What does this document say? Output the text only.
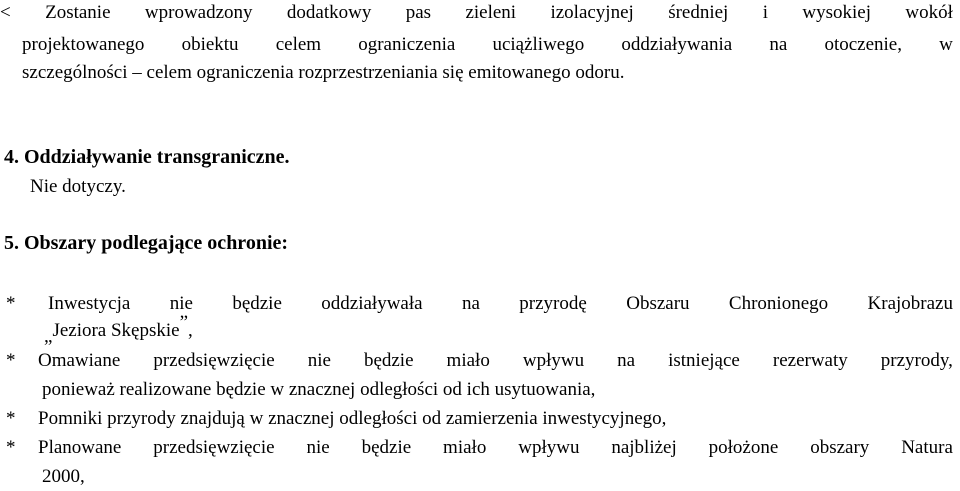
< Zostanie wprowadzony dodatkowy pas zieleni izolacyjnej średniej i wysokiej wokół
projektowanego obiektu celem ograniczenia uciążliwego oddziaływania na otoczenie, w
szczególności – celem ograniczenia rozprzestrzeniania się emitowanego odoru.
4. Oddziaływanie transgraniczne.
Nie dotyczy.
5. Obszary podlegające ochronie:
*	Inwestycja nie będzie oddziaływała na przyrodę Obszaru Chronionego Krajobrazu
„Jeziora Skępskie”,
*	Omawiane przedsięwzięcie nie będzie miało wpływu na istniejące rezerwaty przyrody,
ponieważ realizowane będzie w znacznej odległości od ich usytuowania,
*	Pomniki przyrody znajdują w znacznej odległości od zamierzenia inwestycyjnego,
*	Planowane przedsięwzięcie nie będzie miało wpływu najbliżej położone obszary Natura
2000,
